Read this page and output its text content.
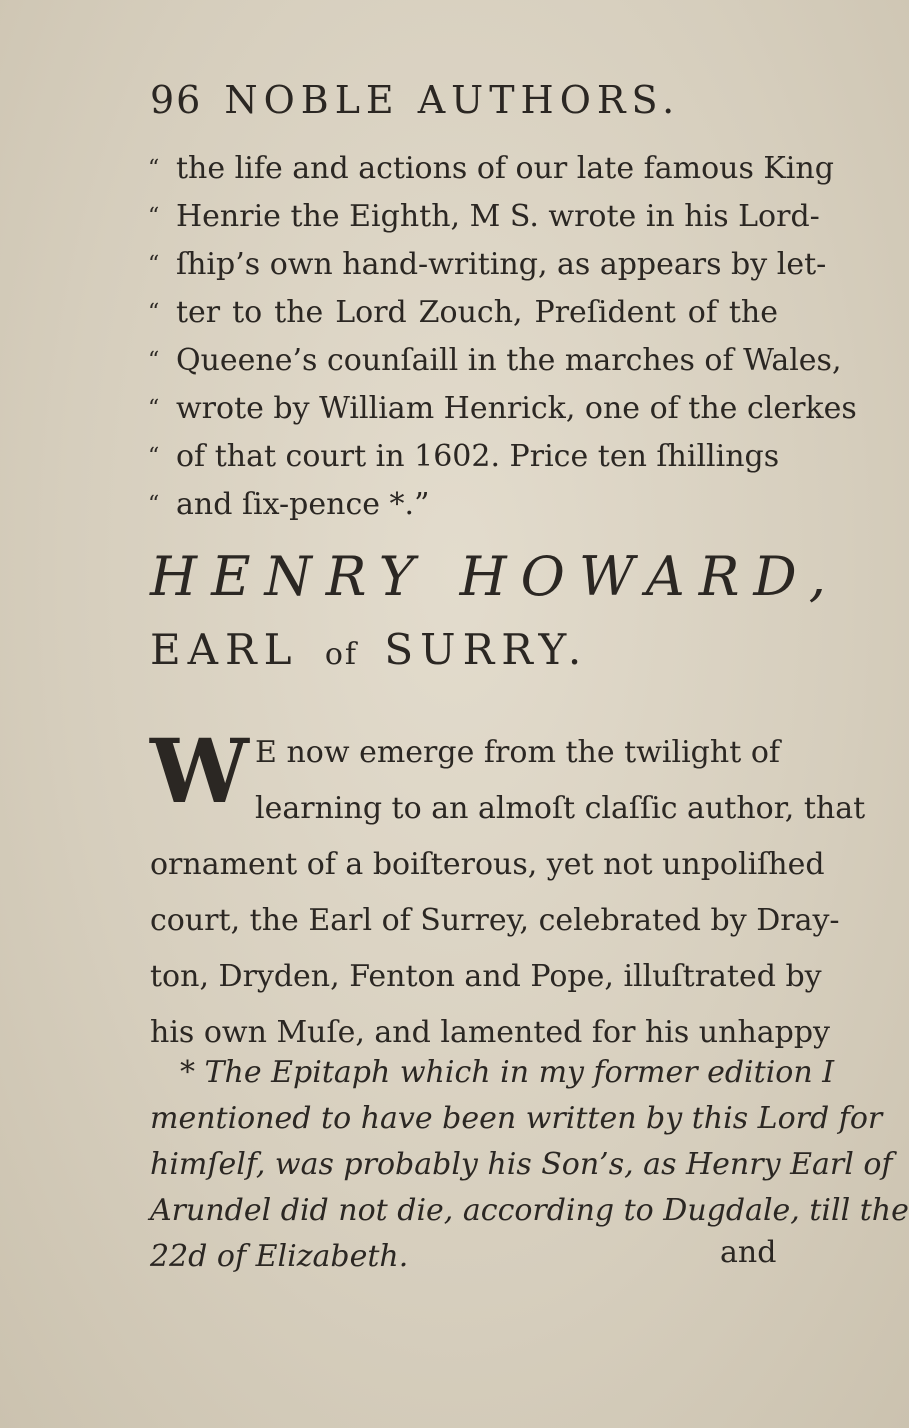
96 NOBLE AUTHORS.
“ the life and actions of our late famous King
“ Henrie the Eighth, M S. wrote in his Lord-
“ ſhip’s own hand-writing, as appears by let-
“ ter to the Lord Zouch, Preſident of the
“ Queene’s counſaill in the marches of Wales,
“ wrote by William Henrick, one of the clerkes
“ of that court in 1602. Price ten ſhillings
“ and ſix-pence *.”
HENRY HOWARD,
EARL of SURRY.
W E now emerge from the twilight of
learning to an almoſt claſſic author, that
ornament of a boiſterous, yet not unpoliſhed
court, the Earl of Surrey, celebrated by Dray-
ton, Dryden, Fenton and Pope, illuſtrated by
his own Muſe, and lamented for his unhappy
* The Epitaph which in my former edition I
mentioned to have been written by this Lord for
himſelf, was probably his Son’s, as Henry Earl of
Arundel did not die, according to Dugdale, till the
22d of Elizabeth.	and
